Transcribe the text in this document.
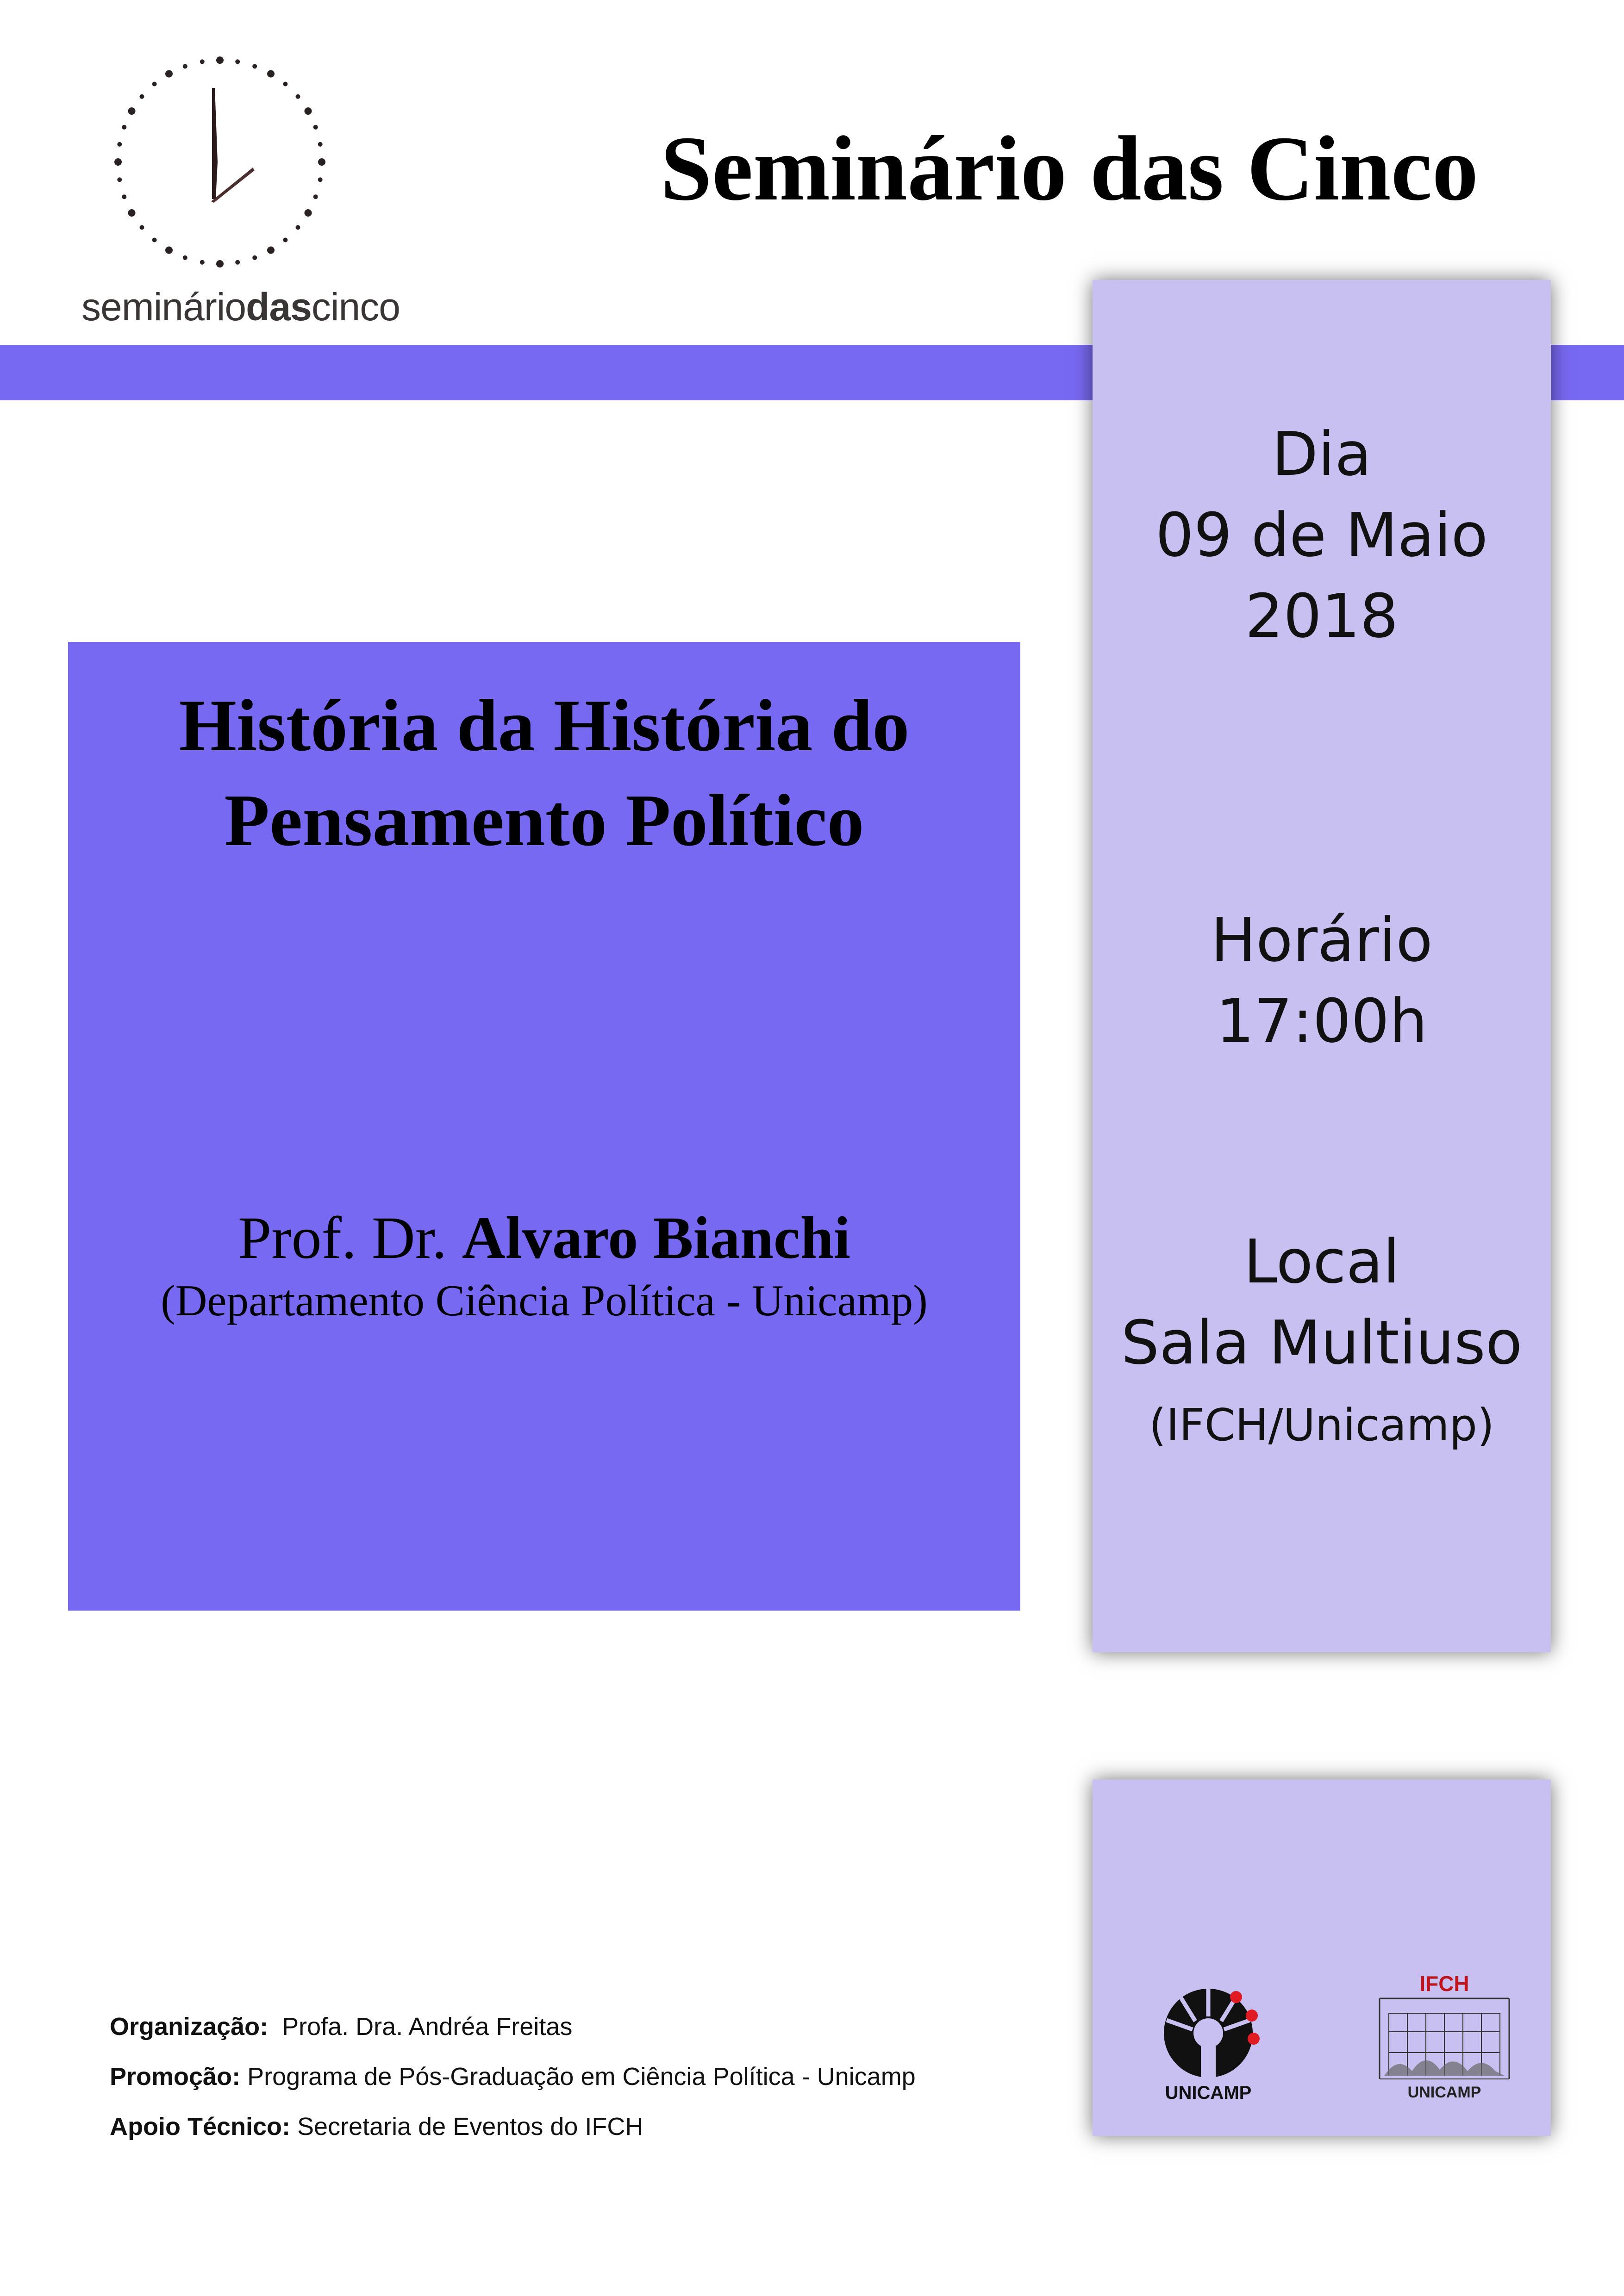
semináriodascinco
Seminário das Cinco
Dia
09 de Maio
2018
Horário
17:00h
Local
Sala Multiuso
(IFCH/Unicamp)
História da História do
Pensamento Político
Prof. Dr. Alvaro Bianchi
(Departamento Ciência Política - Unicamp)
Organização: Profa. Dra. Andréa Freitas
Promoção: Programa de Pós-Graduação em Ciência Política - Unicamp
Apoio Técnico: Secretaria de Eventos do IFCH
UNICAMP
IFCH
UNICAMP
